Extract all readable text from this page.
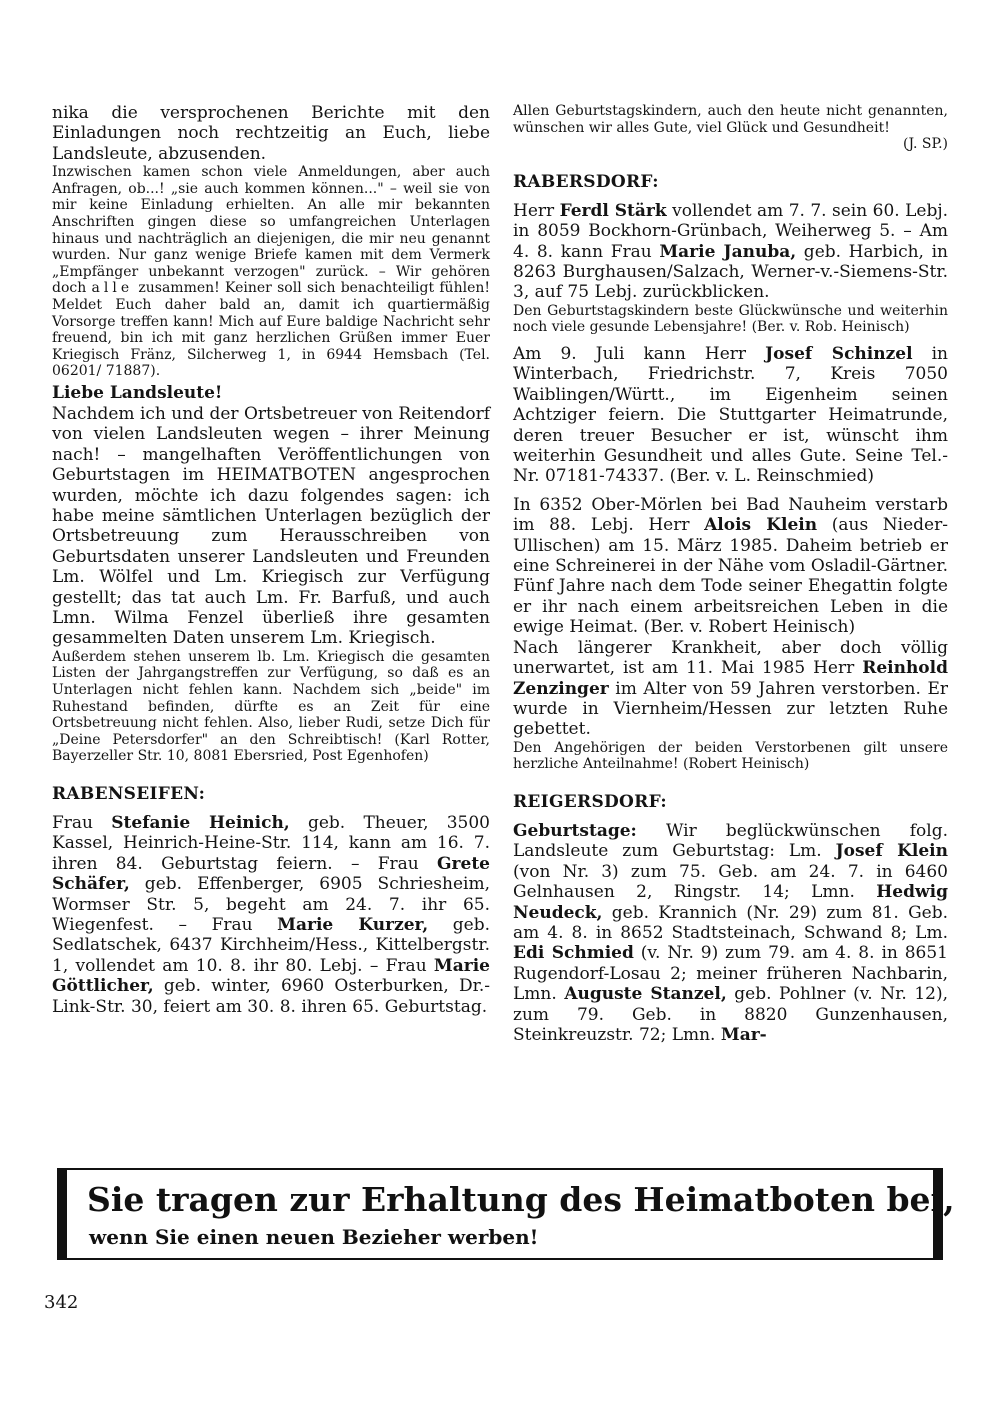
nika die versprochenen Berichte mit den Einladungen noch rechtzeitig an Euch, liebe Landsleute, abzusenden.

Inzwischen kamen schon viele Anmeldungen, aber auch Anfragen, ob...! „sie auch kommen können..." – weil sie von mir keine Einladung erhielten. An alle mir bekannten Anschriften gingen diese so umfangreichen Unterlagen hinaus und nachträglich an diejenigen, die mir neu genannt wurden. Nur ganz wenige Briefe kamen mit dem Vermerk „Empfänger unbekannt verzogen" zurück. – Wir gehören doch alle zusammen! Keiner soll sich benachteiligt fühlen! Meldet Euch daher bald an, damit ich quartiermäßig Vorsorge treffen kann! Mich auf Eure baldige Nachricht sehr freuend, bin ich mit ganz herzlichen Grüßen immer Euer Kriegisch Fränz, Silcherweg 1, in 6944 Hemsbach (Tel. 06201/ 71887).

Liebe Landsleute!

Nachdem ich und der Ortsbetreuer von Reitendorf von vielen Landsleuten wegen – ihrer Meinung nach! – mangelhaften Veröffentlichungen von Geburtstagen im HEIMATBOTEN angesprochen wurden, möchte ich dazu folgendes sagen: ich habe meine sämtlichen Unterlagen bezüglich der Ortsbetreuung zum Herausschreiben von Geburtsdaten unserer Landsleuten und Freunden Lm. Wölfel und Lm. Kriegisch zur Verfügung gestellt; das tat auch Lm. Fr. Barfuß, und auch Lmn. Wilma Fenzel überließ ihre gesamten gesammelten Daten unserem Lm. Kriegisch.

Außerdem stehen unserem lb. Lm. Kriegisch die gesamten Listen der Jahrgangstreffen zur Verfügung, so daß es an Unterlagen nicht fehlen kann. Nachdem sich „beide" im Ruhestand befinden, dürfte es an Zeit für eine Ortsbetreuung nicht fehlen. Also, lieber Rudi, setze Dich für „Deine Petersdorfer" an den Schreibtisch! (Karl Rotter, Bayerzeller Str. 10, 8081 Ebersried, Post Egenhofen)

RABENSEIFEN:

Frau Stefanie Heinich, geb. Theuer, 3500 Kassel, Heinrich-Heine-Str. 114, kann am 16. 7. ihren 84. Geburtstag feiern. – Frau Grete Schäfer, geb. Effenberger, 6905 Schriesheim, Wormser Str. 5, begeht am 24. 7. ihr 65. Wiegenfest. – Frau Marie Kurzer, geb. Sedlatschek, 6437 Kirchheim/Hess., Kittelbergstr. 1, vollendet am 10. 8. ihr 80. Lebj. – Frau Marie Göttlicher, geb. winter, 6960 Osterburken, Dr.-Link-Str. 30, feiert am 30. 8. ihren 65. Geburtstag.

Allen Geburtstagskindern, auch den heute nicht genannten, wünschen wir alles Gute, viel Glück und Gesundheit!

(J. SP.)

RABERSDORF:

Herr Ferdl Stärk vollendet am 7. 7. sein 60. Lebj. in 8059 Bockhorn-Grünbach, Weiherweg 5. – Am 4. 8. kann Frau Marie Januba, geb. Harbich, in 8263 Burghausen/Salzach, Werner-v.-Siemens-Str. 3, auf 75 Lebj. zurückblicken.

Den Geburtstagskindern beste Glückwünsche und weiterhin noch viele gesunde Lebensjahre! (Ber. v. Rob. Heinisch)

Am 9. Juli kann Herr Josef Schinzel in Winterbach, Friedrichstr. 7, Kreis 7050 Waiblingen/Württ., im Eigenheim seinen Achtziger feiern. Die Stuttgarter Heimatrunde, deren treuer Besucher er ist, wünscht ihm weiterhin Gesundheit und alles Gute. Seine Tel.-Nr. 07181-74337. (Ber. v. L. Reinschmied)

In 6352 Ober-Mörlen bei Bad Nauheim verstarb im 88. Lebj. Herr Alois Klein (aus Nieder-Ullischen) am 15. März 1985. Daheim betrieb er eine Schreinerei in der Nähe vom Osladil-Gärtner. Fünf Jahre nach dem Tode seiner Ehegattin folgte er ihr nach einem arbeitsreichen Leben in die ewige Heimat. (Ber. v. Robert Heinisch)

Nach längerer Krankheit, aber doch völlig unerwartet, ist am 11. Mai 1985 Herr Reinhold Zenzinger im Alter von 59 Jahren verstorben. Er wurde in Viernheim/Hessen zur letzten Ruhe gebettet.

Den Angehörigen der beiden Verstorbenen gilt unsere herzliche Anteilnahme! (Robert Heinisch)

REIGERSDORF:

Geburtstage: Wir beglückwünschen folg. Landsleute zum Geburtstag: Lm. Josef Klein (von Nr. 3) zum 75. Geb. am 24. 7. in 6460 Gelnhausen 2, Ringstr. 14; Lmn. Hedwig Neudeck, geb. Krannich (Nr. 29) zum 81. Geb. am 4. 8. in 8652 Stadtsteinach, Schwand 8; Lm. Edi Schmied (v. Nr. 9) zum 79. am 4. 8. in 8651 Rugendorf-Losau 2; meiner früheren Nachbarin, Lmn. Auguste Stanzel, geb. Pohlner (v. Nr. 12), zum 79. Geb. in 8820 Gunzenhausen, Steinkreuzstr. 72; Lmn. Mar-

Sie tragen zur Erhaltung des Heimatboten bei,
wenn Sie einen neuen Bezieher werben!
342
